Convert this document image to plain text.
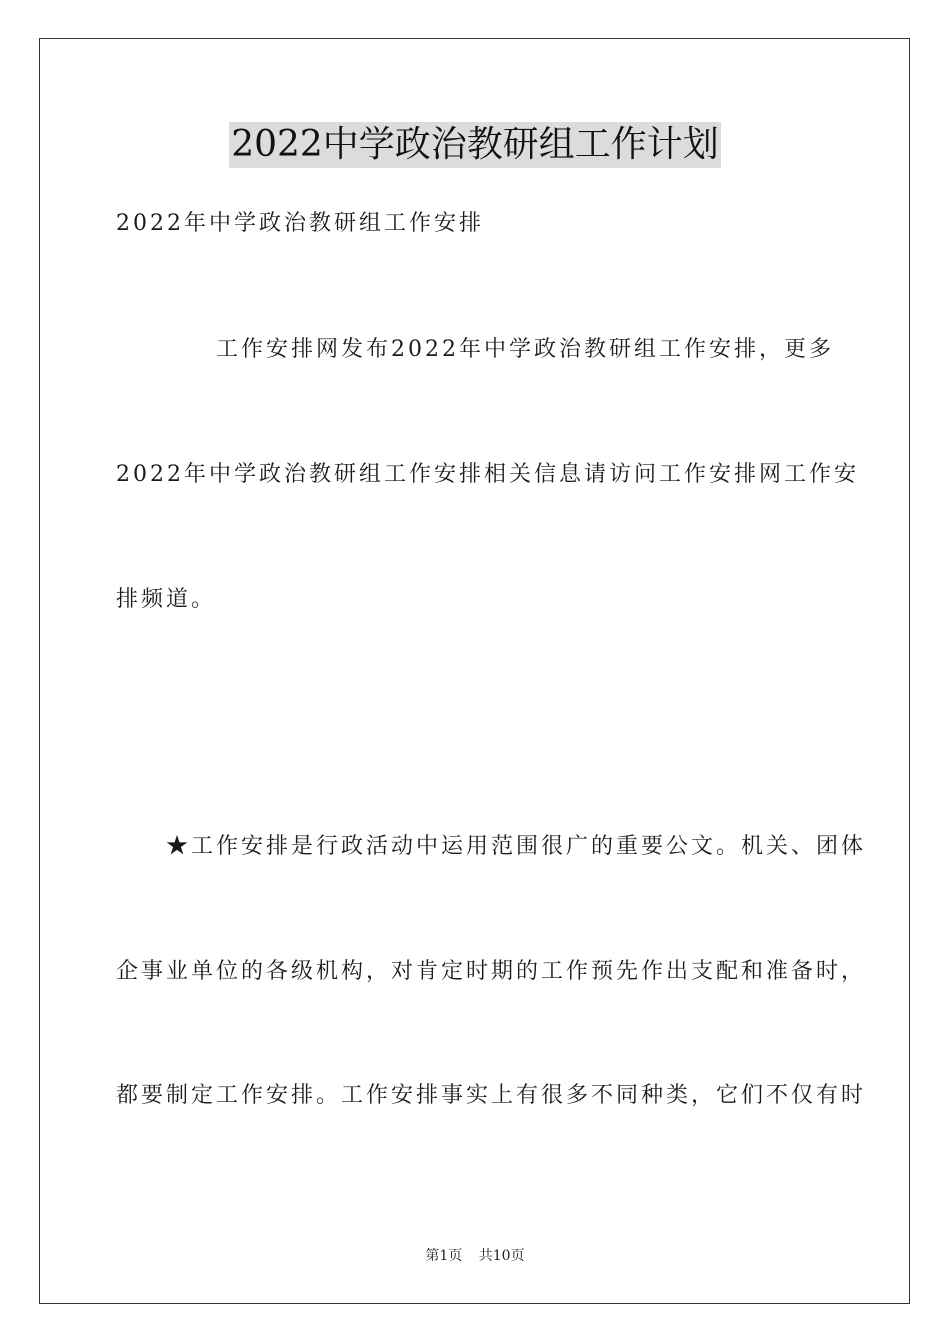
2022中学政治教研组工作计划
2022年中学政治教研组工作安排
　　　　工作安排网发布2022年中学政治教研组工作安排，更多
2022年中学政治教研组工作安排相关信息请访问工作安排网工作安
排频道。
　　★工作安排是行政活动中运用范围很广的重要公文。机关、团体
企事业单位的各级机构，对肯定时期的工作预先作出支配和准备时，
都要制定工作安排。工作安排事实上有很多不同种类，它们不仅有时
第1页 共10页
